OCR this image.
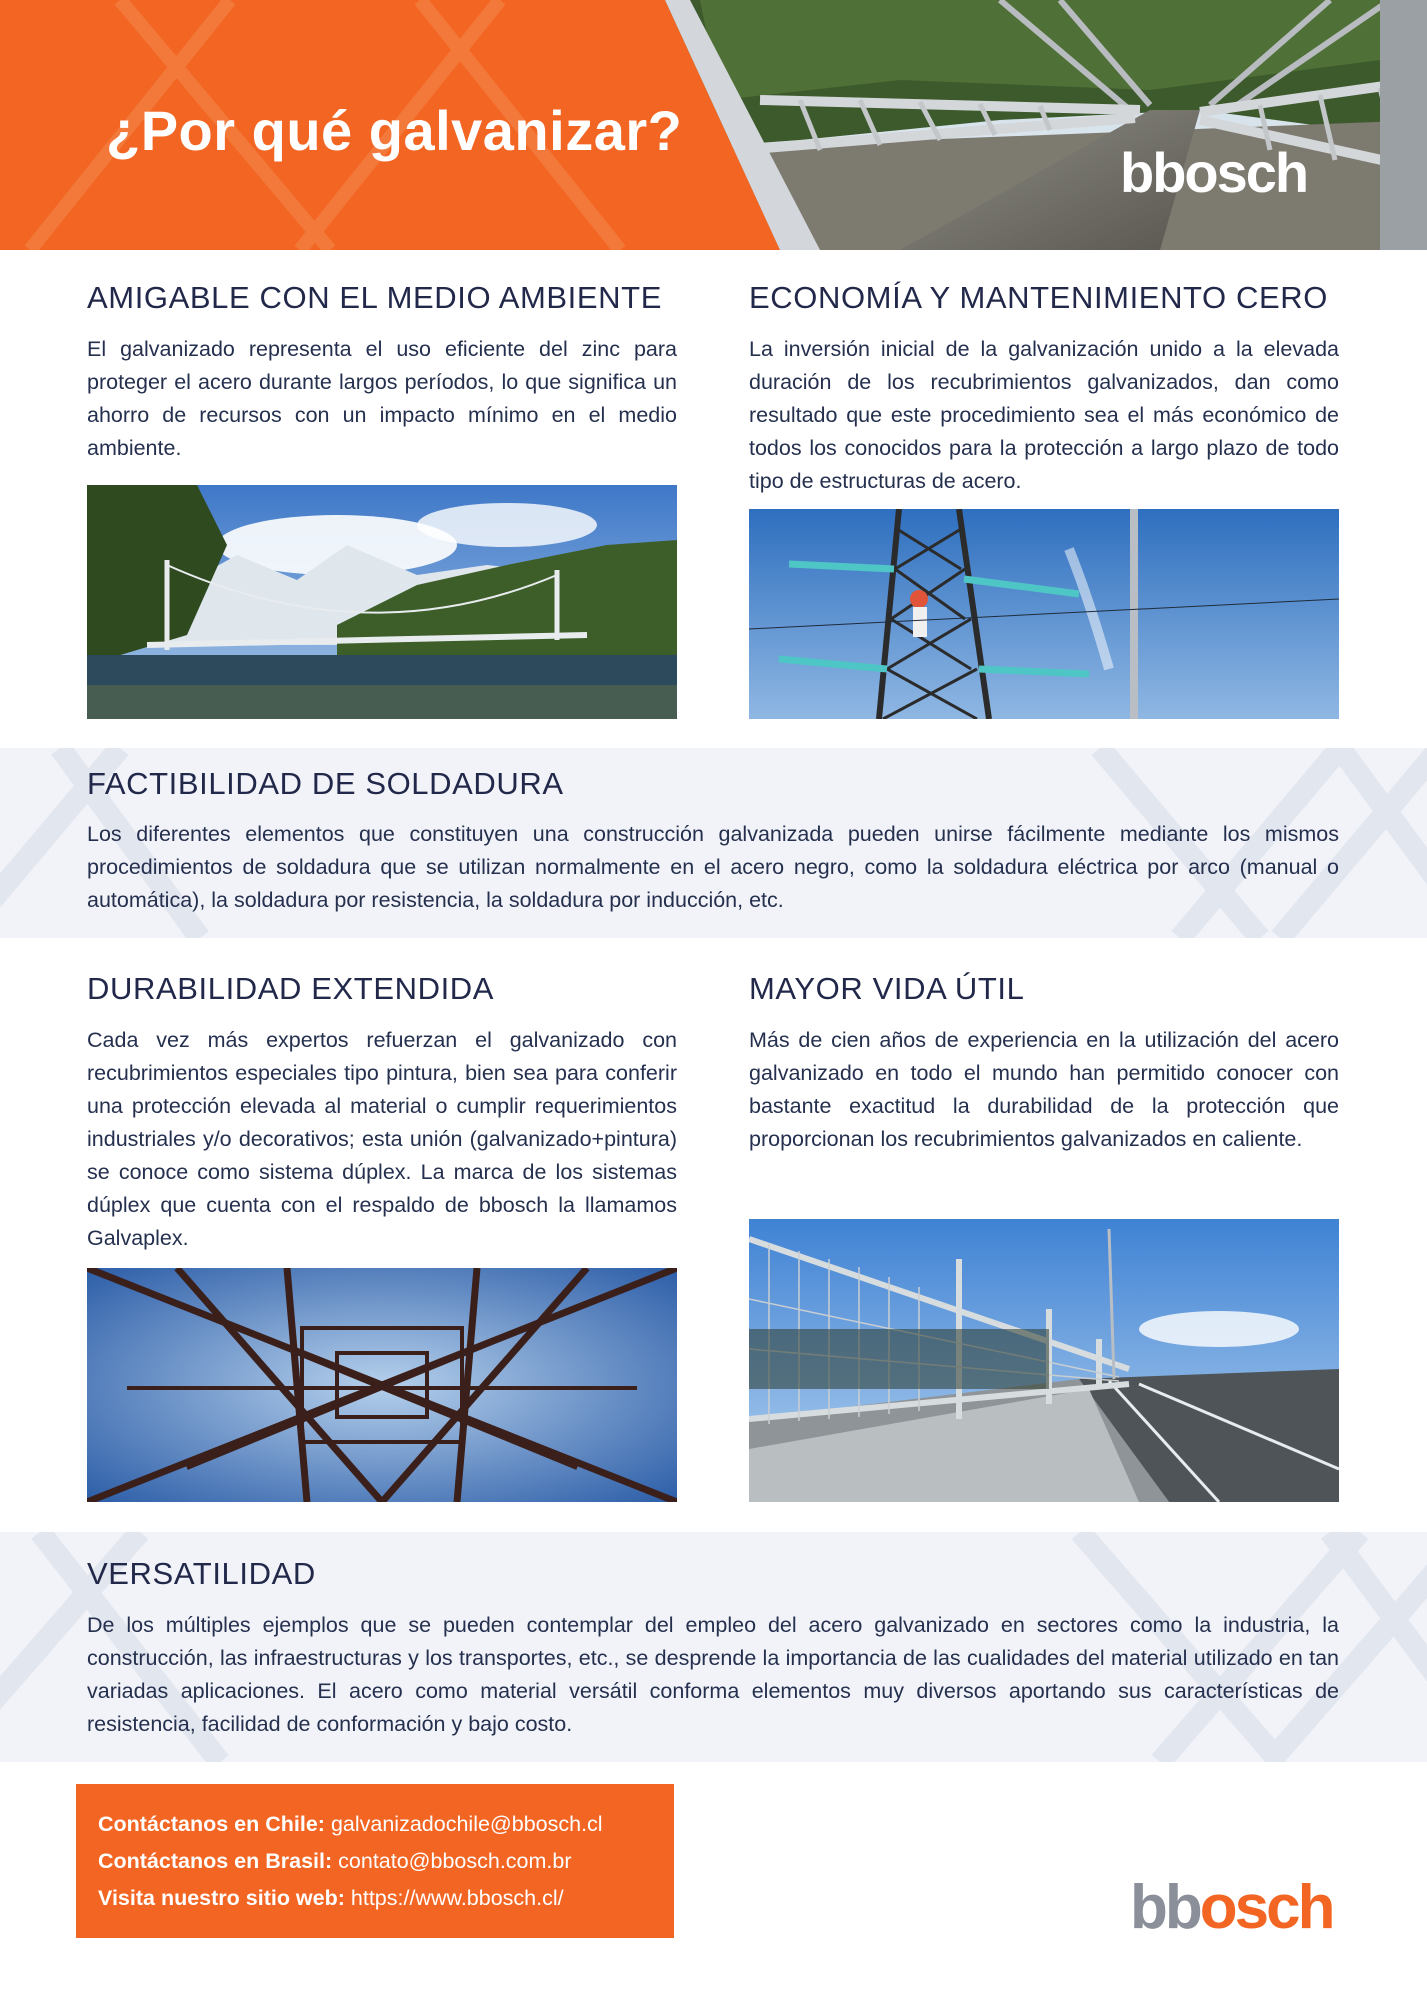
¿Por qué galvanizar?
bbosch
AMIGABLE CON EL MEDIO AMBIENTE

El galvanizado representa el uso eficiente del zinc para proteger el acero durante largos períodos, lo que significa un ahorro de recursos con un impacto mínimo en el medio ambiente.

ECONOMÍA Y MANTENIMIENTO CERO

La inversión inicial de la galvanización unido a la elevada duración de los recubrimientos galvanizados, dan como resultado que este procedimiento sea el más económico de todos los conocidos para la protección a largo plazo de todo tipo de estructuras de acero.

FACTIBILIDAD DE SOLDADURA

Los diferentes elementos que constituyen una construcción galvanizada pueden unirse fácilmente mediante los mismos procedimientos de soldadura que se utilizan normalmente en el acero negro, como la soldadura eléctrica por arco (manual o automática), la soldadura por resistencia, la soldadura por inducción, etc.

DURABILIDAD EXTENDIDA

Cada vez más expertos refuerzan el galvanizado con recubrimientos especiales tipo pintura, bien sea para conferir una protección elevada al material o cumplir requerimientos industriales y/o decorativos; esta unión (galvanizado+pintura) se conoce como sistema dúplex. La marca de los sistemas dúplex que cuenta con el respaldo de bbosch la llamamos Galvaplex.

MAYOR VIDA ÚTIL

Más de cien años de experiencia en la utilización del acero galvanizado en todo el mundo han permitido conocer con bastante exactitud la durabilidad de la protección que proporcionan los recubrimientos galvanizados en caliente.

VERSATILIDAD

De los múltiples ejemplos que se pueden contemplar del empleo del acero galvanizado en sectores como la industria, la construcción, las infraestructuras y los transportes, etc., se desprende la importancia de las cualidades del material utilizado en tan variadas aplicaciones. El acero como material versátil conforma elementos muy diversos aportando sus características de resistencia, facilidad de conformación y bajo costo.

Contáctanos en Chile: galvanizadochile@bbosch.cl
Contáctanos en Brasil: contato@bbosch.com.br
Visita nuestro sitio web: https://www.bbosch.cl/	bbosch
